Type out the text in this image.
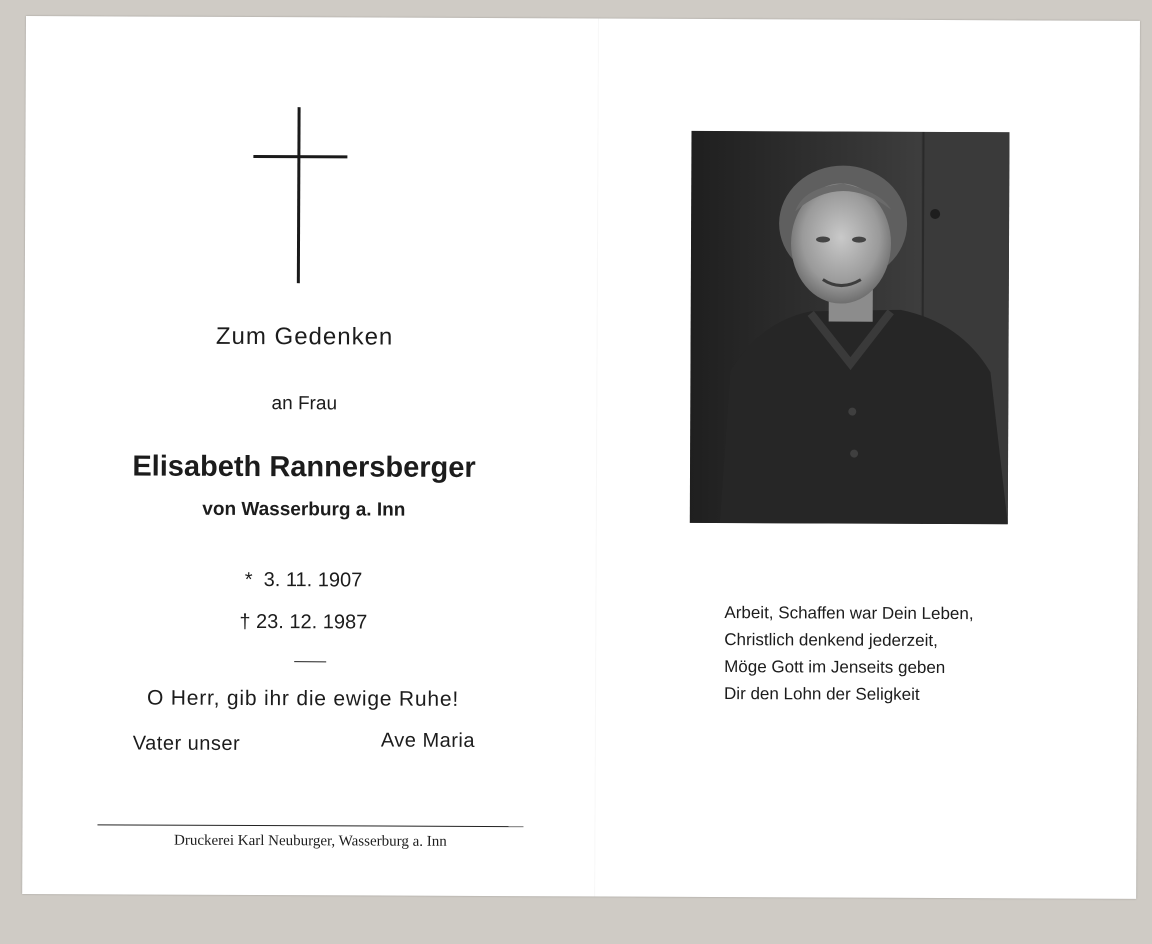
Zum Gedenken
an Frau
Elisabeth Rannersberger
von Wasserburg a. Inn
*  3. 11. 1907
† 23. 12. 1987
O Herr, gib ihr die ewige Ruhe!
Vater unser	Ave Maria
Druckerei Karl Neuburger, Wasserburg a. Inn
Arbeit, Schaffen war Dein Leben,
Christlich denkend jederzeit,
Möge Gott im Jenseits geben
Dir den Lohn der Seligkeit
